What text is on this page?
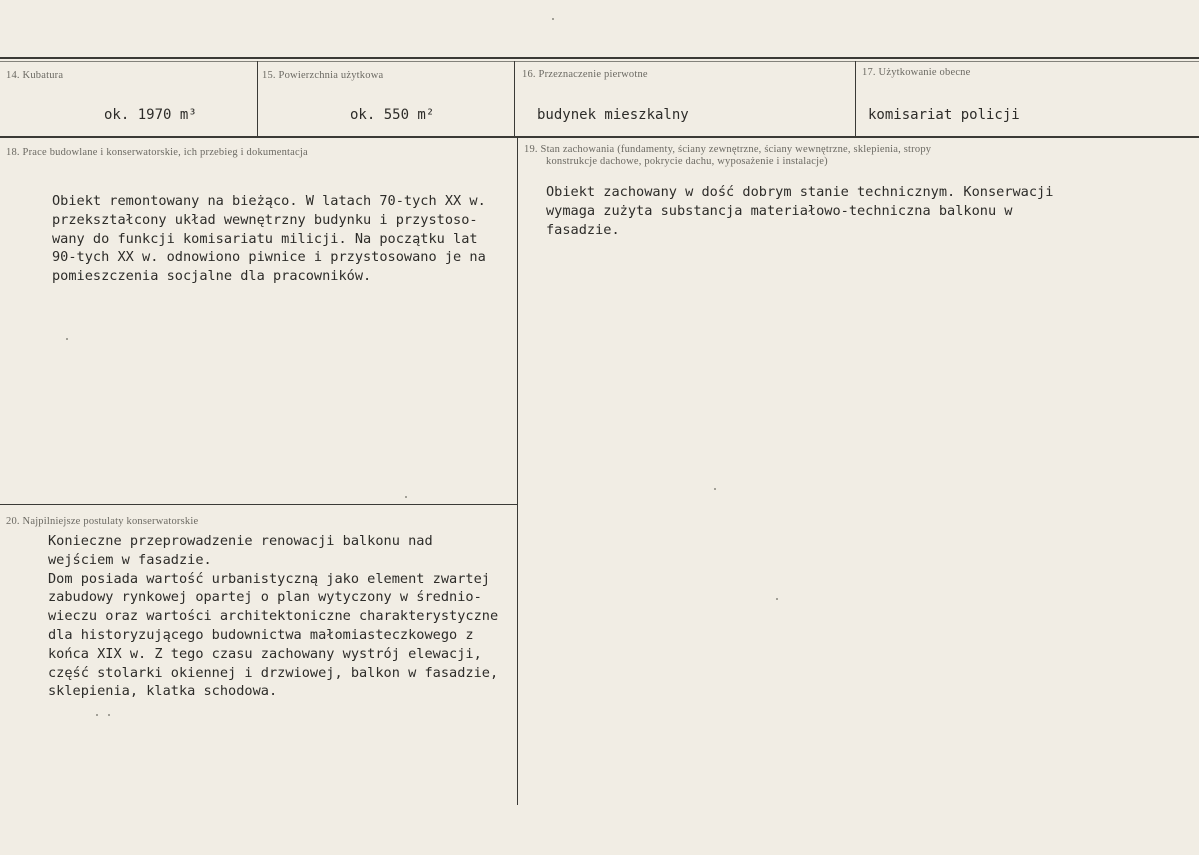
14. Kubatura
ok. 1970 m³
15. Powierzchnia użytkowa
ok. 550 m²
16. Przeznaczenie pierwotne
budynek mieszkalny
17. Użytkowanie obecne
komisariat policji
18. Prace budowlane i konserwatorskie, ich przebieg i dokumentacja
Obiekt remontowany na bieżąco. W latach 70-tych XX w.
przekształcony układ wewnętrzny budynku i przystoso-
wany do funkcji komisariatu milicji. Na początku lat
90-tych XX w. odnowiono piwnice i przystosowano je na
pomieszczenia socjalne dla pracowników.
19. Stan zachowania (fundamenty, ściany zewnętrzne, ściany wewnętrzne, sklepienia, stropy
konstrukcje dachowe, pokrycie dachu, wyposażenie i instalacje)
Obiekt zachowany w dość dobrym stanie technicznym. Konserwacji
wymaga zużyta substancja materiałowo-techniczna balkonu w
fasadzie.
20. Najpilniejsze postulaty konserwatorskie
Konieczne przeprowadzenie renowacji balkonu nad
wejściem w fasadzie.
Dom posiada wartość urbanistyczną jako element zwartej
zabudowy rynkowej opartej o plan wytyczony w średnio-
wieczu oraz wartości architektoniczne charakterystyczne
dla historyzującego budownictwa małomiasteczkowego z
końca XIX w. Z tego czasu zachowany wystrój elewacji,
część stolarki okiennej i drzwiowej, balkon w fasadzie,
sklepienia, klatka schodowa.
